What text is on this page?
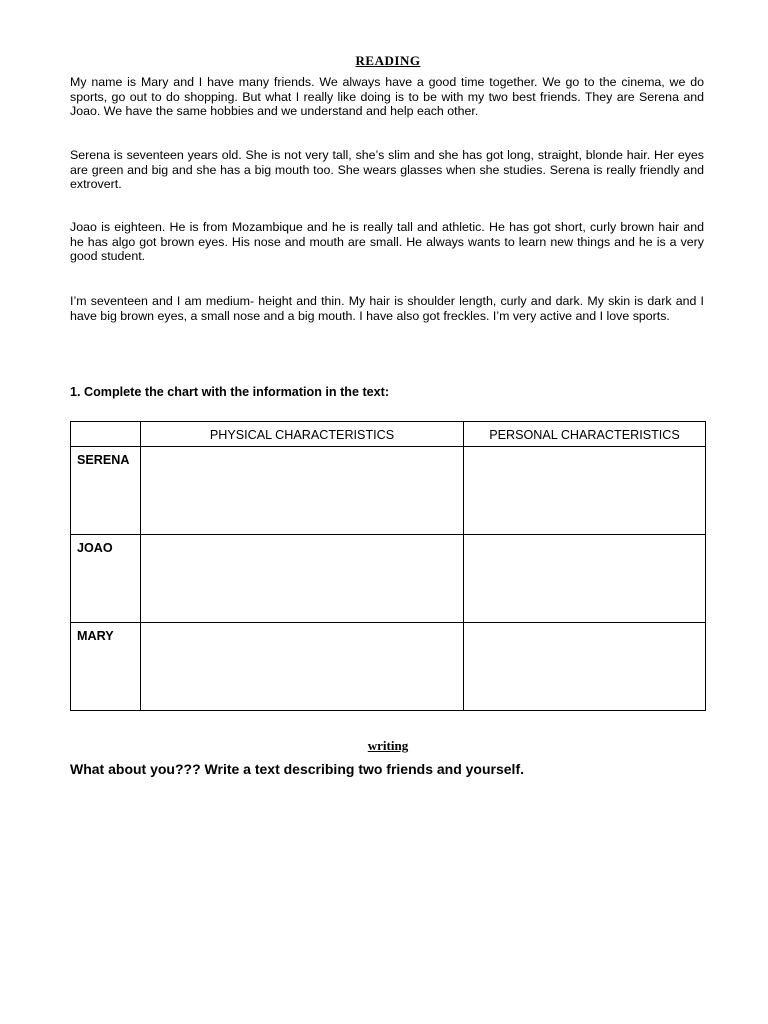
READING

My name is Mary and I have many friends. We always have a good time together. We go to the cinema, we do sports, go out to do shopping. But what I really like doing is to be with my two best friends. They are Serena and Joao. We have the same hobbies and we understand and help each other.

Serena is seventeen years old. She is not very tall, she’s slim and she has got long, straight, blonde hair. Her eyes are green and big and she has a big mouth too. She wears glasses when she studies. Serena is really friendly and extrovert.

Joao is eighteen. He is from Mozambique and he is really tall and athletic. He has got short, curly brown hair and he has algo got brown eyes. His nose and mouth are small. He always wants to learn new things and he is a very good student.

I’m seventeen and I am medium- height and thin. My hair is shoulder length, curly and dark. My skin is dark and I have big brown eyes, a small nose and a big mouth. I have also got freckles. I’m very active and I love sports.

1. Complete the chart with the information in the text:
	PHYSICAL CHARACTERISTICS	PERSONAL CHARACTERISTICS
SERENA		
JOAO		
MARY		
writing
What about you??? Write a text describing two friends and yourself.
